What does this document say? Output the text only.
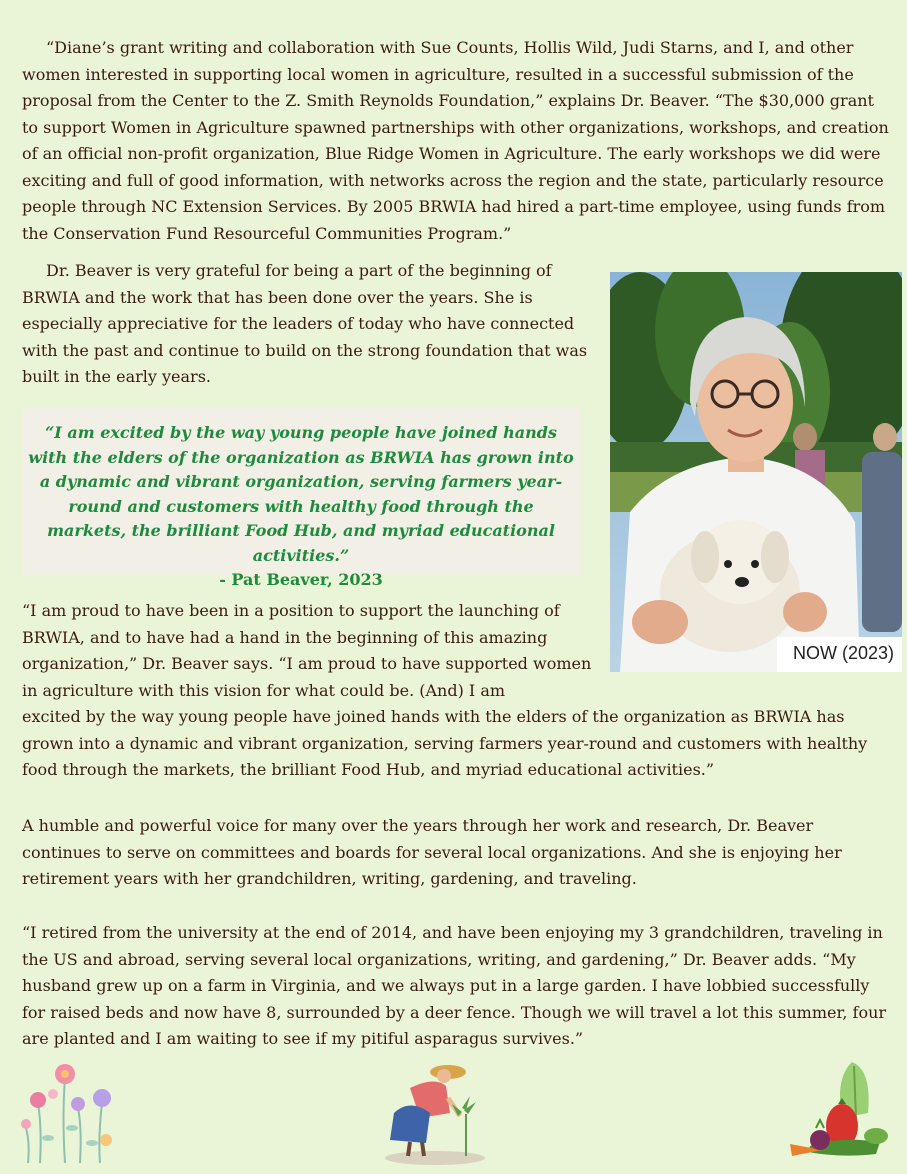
“Diane’s grant writing and collaboration with Sue Counts, Hollis Wild, Judi Starns, and I, and other women interested in supporting local women in agriculture, resulted in a successful submission of the proposal from the Center to the Z. Smith Reynolds Foundation,” explains Dr. Beaver. “The $30,000 grant to support Women in Agriculture spawned partnerships with other organizations, workshops, and creation of an official non-profit organization, Blue Ridge Women in Agriculture. The early workshops we did were exciting and full of good information, with networks across the region and the state, particularly resource people through NC Extension Services. By 2005 BRWIA had hired a part-time employee, using funds from the Conservation Fund Resourceful Communities Program.”

Dr. Beaver is very grateful for being a part of the beginning of BRWIA and the work that has been done over the years. She is especially appreciative for the leaders of today who have connected with the past and continue to build on the strong foundation that was built in the early years.

“I am excited by the way young people have joined hands with the elders of the organization as BRWIA has grown into a dynamic and vibrant organization, serving farmers year-round and customers with healthy food through the markets, the brilliant Food Hub, and myriad educational activities.”
- Pat Beaver, 2023
NOW (2023)

“I am proud to have been in a position to support the launching of BRWIA, and to have had a hand in the beginning of this amazing organization,” Dr. Beaver says. “I am proud to have supported women in agriculture with this vision for what could be. (And) I am
excited by the way young people have joined hands with the elders of the organization as BRWIA has grown into a dynamic and vibrant organization, serving farmers year-round and customers with healthy food through the markets, the brilliant Food Hub, and myriad educational activities.”

A humble and powerful voice for many over the years through her work and research, Dr. Beaver continues to serve on committees and boards for several local organizations. And she is enjoying her retirement years with her grandchildren, writing, gardening, and traveling.

“I retired from the university at the end of 2014, and have been enjoying my 3 grandchildren, traveling in the US and abroad, serving several local organizations, writing, and gardening,” Dr. Beaver adds. “My husband grew up on a farm in Virginia, and we always put in a large garden. I have lobbied successfully for raised beds and now have 8, surrounded by a deer fence. Though we will travel a lot this summer, four are planted and I am waiting to see if my pitiful asparagus survives.”
